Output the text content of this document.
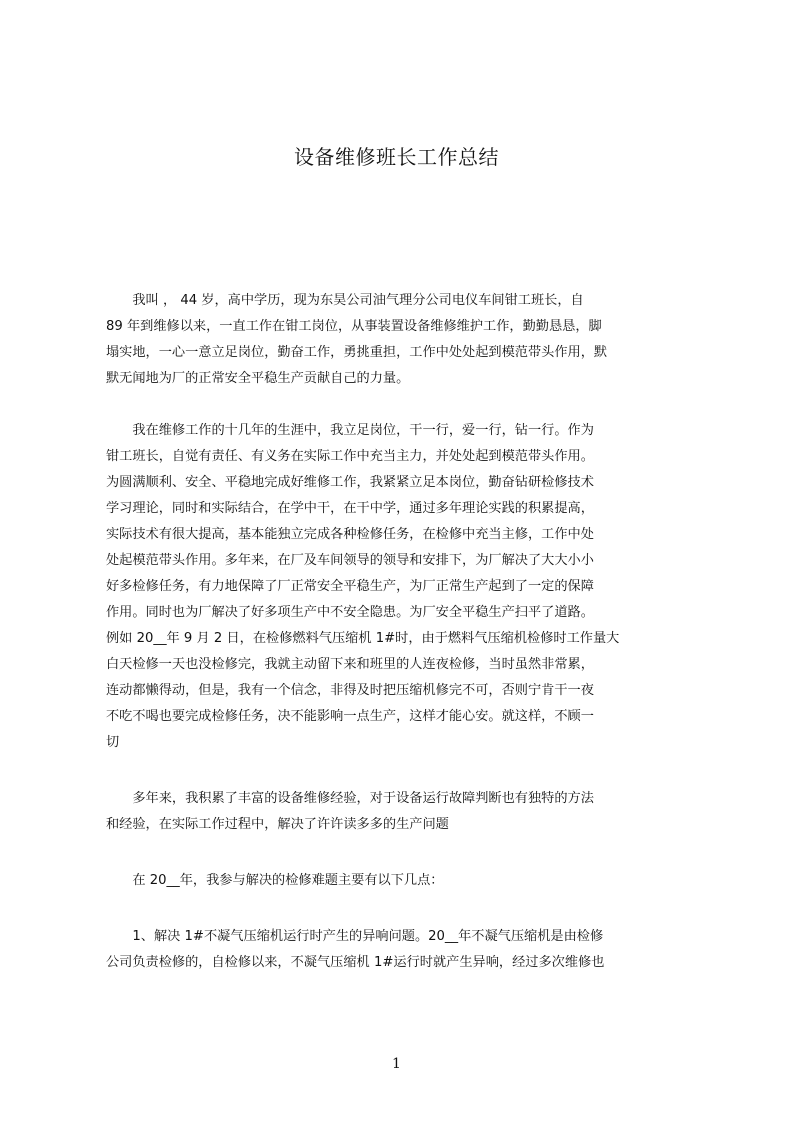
设备维修班长工作总结
　　我叫 ， 44 岁，高中学历，现为东昊公司油气理分公司电仪车间钳工班长，自
89 年到维修以来，一直工作在钳工岗位，从事装置设备维修维护工作，勤勤恳恳，脚
塌实地，一心一意立足岗位，勤奋工作，勇挑重担，工作中处处起到模范带头作用，默
默无闻地为厂的正常安全平稳生产贡献自己的力量。
　　我在维修工作的十几年的生涯中，我立足岗位，干一行，爱一行，钻一行。作为
钳工班长，自觉有责任、有义务在实际工作中充当主力，并处处起到模范带头作用。
为圆满顺利、安全、平稳地完成好维修工作，我紧紧立足本岗位，勤奋钻研检修技术
学习理论，同时和实际结合，在学中干，在干中学，通过多年理论实践的积累提高，
实际技术有很大提高，基本能独立完成各种检修任务，在检修中充当主修，工作中处
处起模范带头作用。多年来，在厂及车间领导的领导和安排下，为厂解决了大大小小
好多检修任务，有力地保障了厂正常安全平稳生产，为厂正常生产起到了一定的保障
作用。同时也为厂解决了好多项生产中不安全隐患。为厂安全平稳生产扫平了道路。
例如 20__年 9 月 2 日，在检修燃料气压缩机 1#时，由于燃料气压缩机检修时工作量大
白天检修一天也没检修完，我就主动留下来和班里的人连夜检修，当时虽然非常累，
连动都懒得动，但是，我有一个信念，非得及时把压缩机修完不可，否则宁肯干一夜
不吃不喝也要完成检修任务，决不能影响一点生产，这样才能心安。就这样，不顾一
切
　　多年来，我积累了丰富的设备维修经验，对于设备运行故障判断也有独特的方法
和经验，在实际工作过程中，解决了许许读多多的生产问题
　　在 20__年，我参与解决的检修难题主要有以下几点：
　　1、解决 1#不凝气压缩机运行时产生的异响问题。20__年不凝气压缩机是由检修
公司负责检修的，自检修以来，不凝气压缩机 1#运行时就产生异响，经过多次维修也
1
